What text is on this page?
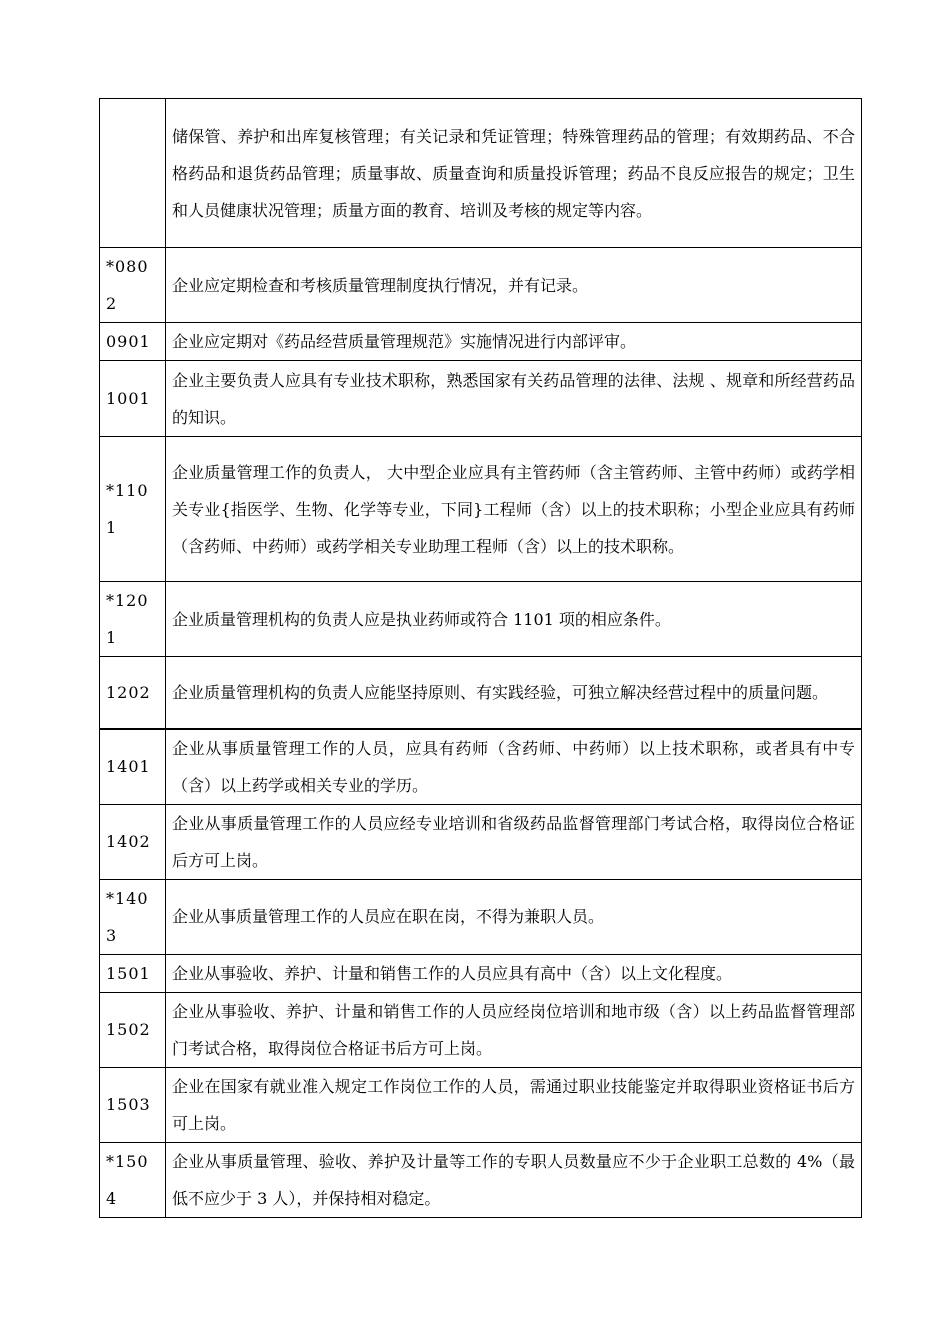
	储保管、养护和出库复核管理；有关记录和凭证管理；特殊管理药品的管理；有效期药品、不合格药品和退货药品管理；质量事故、质量查询和质量投诉管理；药品不良反应报告的规定；卫生和人员健康状况管理；质量方面的教育、培训及考核的规定等内容。
*0802	企业应定期检查和考核质量管理制度执行情况，并有记录。
0901	企业应定期对《药品经营质量管理规范》实施情况进行内部评审。
1001	企业主要负责人应具有专业技术职称，熟悉国家有关药品管理的法律、法规 、规章和所经营药品的知识。
*1101	企业质量管理工作的负责人， 大中型企业应具有主管药师（含主管药师、主管中药师）或药学相关专业{指医学、生物、化学等专业，下同}工程师（含）以上的技术职称；小型企业应具有药师（含药师、中药师）或药学相关专业助理工程师（含）以上的技术职称。
*1201	企业质量管理机构的负责人应是执业药师或符合 1101 项的相应条件。
1202	企业质量管理机构的负责人应能坚持原则、有实践经验，可独立解决经营过程中的质量问题。
1401	企业从事质量管理工作的人员，应具有药师（含药师、中药师）以上技术职称，或者具有中专（含）以上药学或相关专业的学历。
1402	企业从事质量管理工作的人员应经专业培训和省级药品监督管理部门考试合格，取得岗位合格证后方可上岗。
*1403	企业从事质量管理工作的人员应在职在岗，不得为兼职人员。
1501	企业从事验收、养护、计量和销售工作的人员应具有高中（含）以上文化程度。
1502	企业从事验收、养护、计量和销售工作的人员应经岗位培训和地市级（含）以上药品监督管理部门考试合格，取得岗位合格证书后方可上岗。
1503	企业在国家有就业准入规定工作岗位工作的人员，需通过职业技能鉴定并取得职业资格证书后方可上岗。
*1504	企业从事质量管理、验收、养护及计量等工作的专职人员数量应不少于企业职工总数的 4%（最低不应少于 3 人），并保持相对稳定。
